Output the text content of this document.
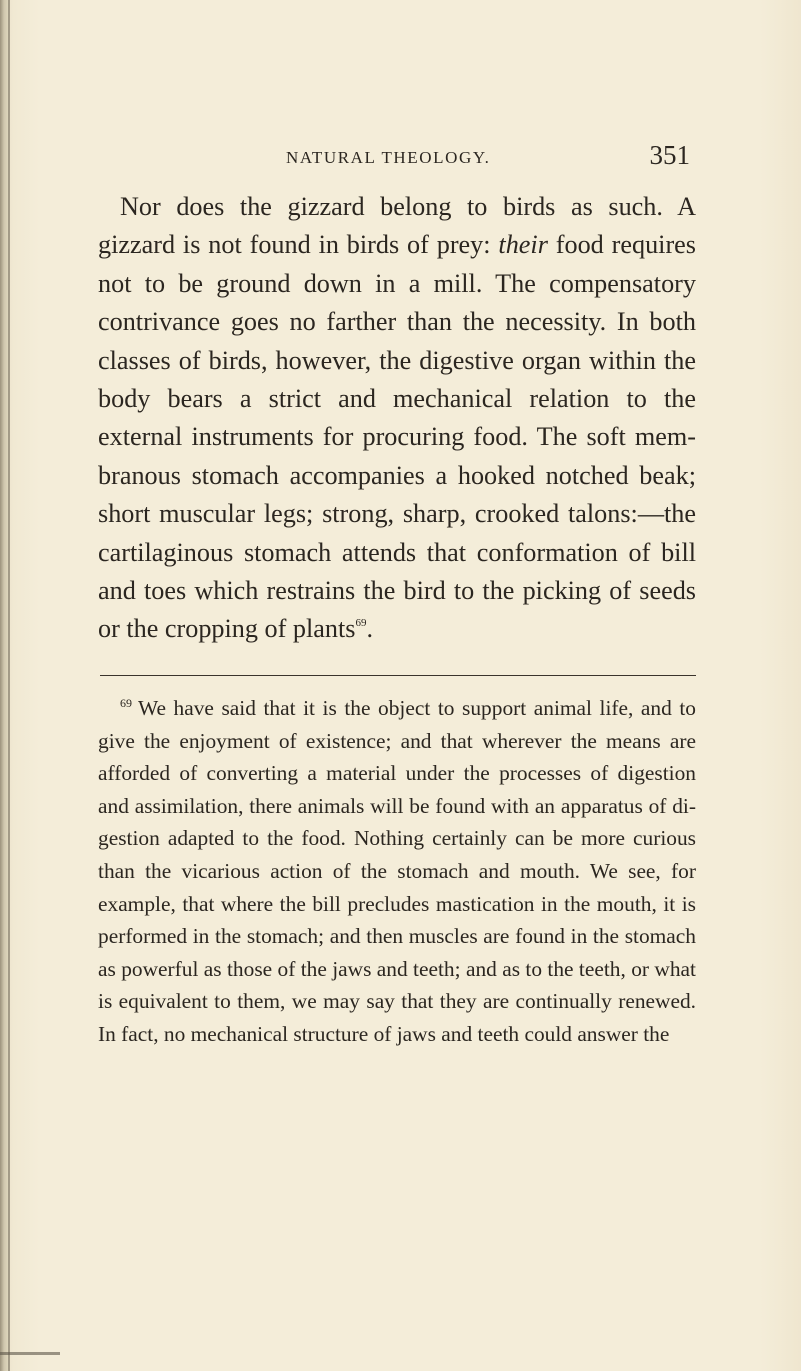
NATURAL THEOLOGY.	351

Nor does the gizzard belong to birds as such. A gizzard is not found in birds of prey: their food requires not to be ground down in a mill. The compensatory contrivance goes no farther than the necessity. In both classes of birds, however, the digestive organ within the body bears a strict and mechanical relation to the external instruments for procuring food. The soft membranous stomach accompanies a hooked notched beak; short muscular legs; strong, sharp, crooked talons:—the cartilaginous stomach attends that conformation of bill and toes which restrains the bird to the picking of seeds or the cropping of plants$^{69}$.

$^{69}$ We have said that it is the object to support animal life, and to give the enjoyment of existence; and that wherever the means are afforded of converting a material under the processes of digestion and assimilation, there animals will be found with an apparatus of digestion adapted to the food. Nothing certainly can be more curious than the vicarious action of the stomach and mouth. We see, for example, that where the bill precludes mastication in the mouth, it is performed in the stomach; and then muscles are found in the stomach as powerful as those of the jaws and teeth; and as to the teeth, or what is equivalent to them, we may say that they are continually renewed. In fact, no mechanical structure of jaws and teeth could answer the
